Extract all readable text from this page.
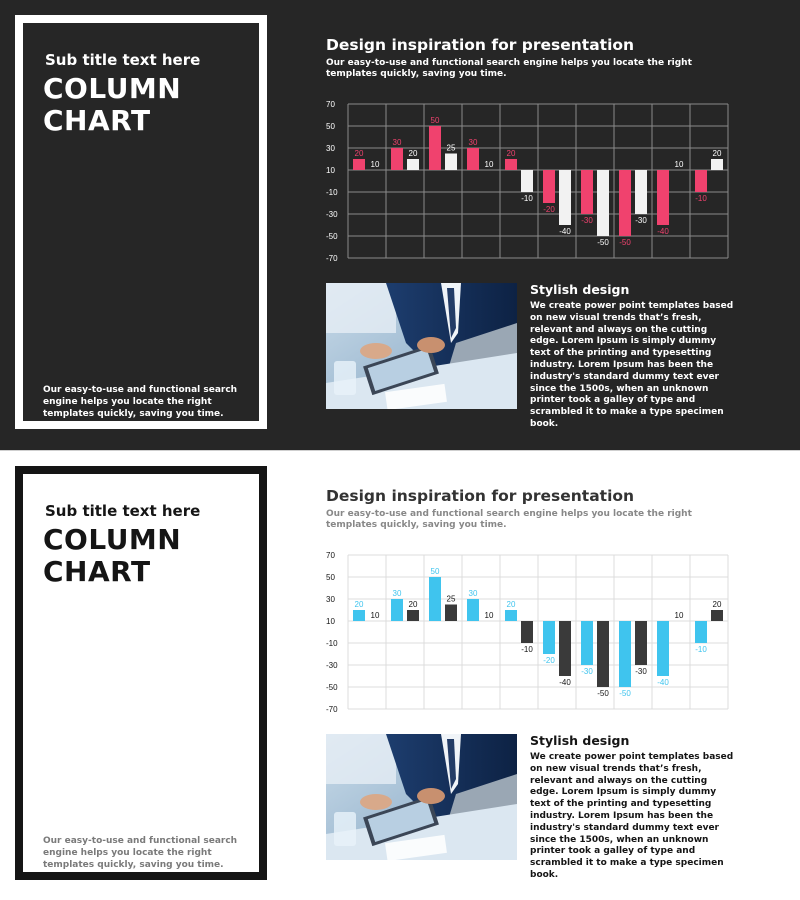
Sub title text here
COLUMN CHART
Our easy-to-use and functional search engine helps you locate the right templates quickly, saving you time.
Design inspiration for presentation
Our easy-to-use and functional search engine helps you locate the right templates quickly, saving you time.
70
50
30
10
-10
-30
-50
-70
20
30
50
30
20
-20
-30
-50
-40
-10
10
20
25
10
-10
-40
-50
-30
10
20
Stylish design
We create power point templates based on new visual trends that’s fresh, relevant and always on the cutting edge. Lorem Ipsum is simply dummy text of the printing and typesetting industry. Lorem Ipsum has been the industry's standard dummy text ever since the 1500s, when an unknown printer took a galley of type and scrambled it to make a type specimen book.
Sub title text here
COLUMN CHART
Our easy-to-use and functional search engine helps you locate the right templates quickly, saving you time.
Design inspiration for presentation
Our easy-to-use and functional search engine helps you locate the right templates quickly, saving you time.
70
50
30
10
-10
-30
-50
-70
20
30
50
30
20
-20
-30
-50
-40
-10
10
20
25
10
-10
-40
-50
-30
10
20
Stylish design
We create power point templates based on new visual trends that’s fresh, relevant and always on the cutting edge. Lorem Ipsum is simply dummy text of the printing and typesetting industry. Lorem Ipsum has been the industry's standard dummy text ever since the 1500s, when an unknown printer took a galley of type and scrambled it to make a type specimen book.
